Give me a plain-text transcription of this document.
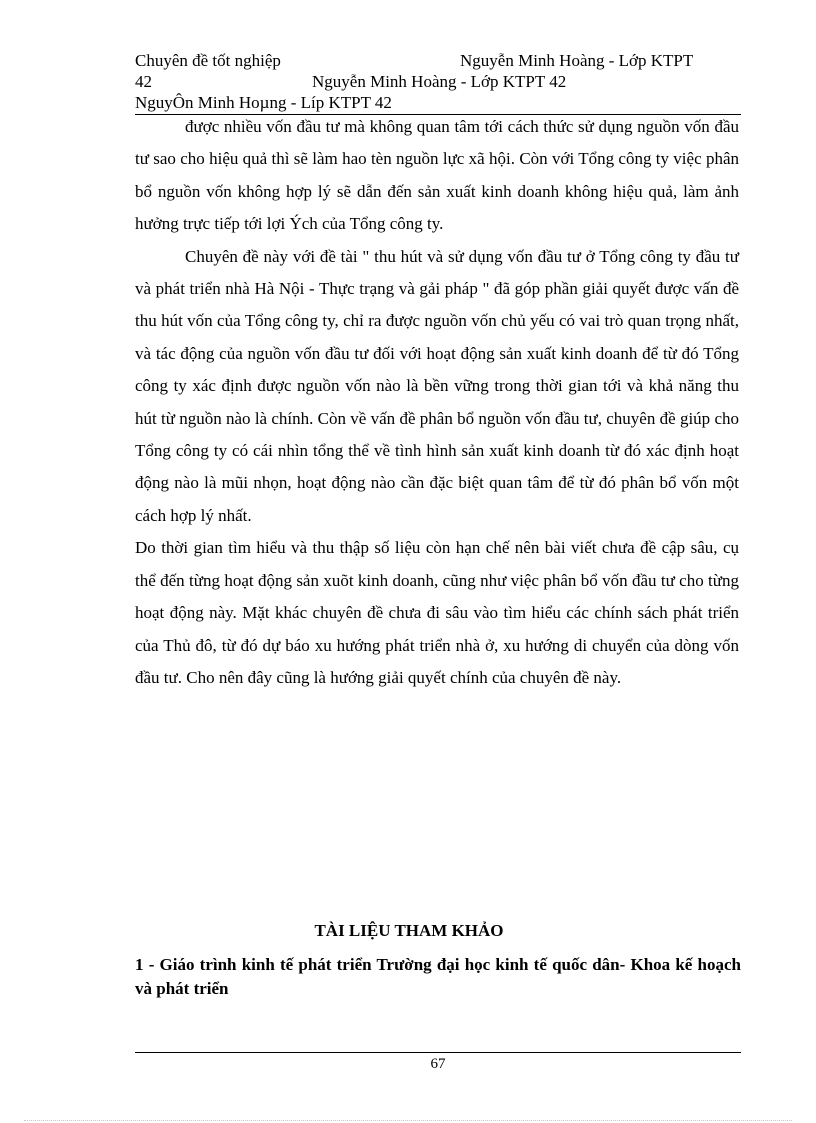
Chuyên đề tốt nghiệp	Nguyễn Minh Hoàng - Lớp KTPT
42	Nguyễn Minh Hoàng - Lớp KTPT 42
NguyÔn Minh Hoµng - Líp KTPT 42

được nhiều vốn đầu tư mà không quan tâm tới cách thức sử dụng nguồn vốn đầu tư sao cho hiệu quả thì sẽ làm hao tèn nguồn lực xã hội. Còn với Tổng công ty việc phân bổ nguồn vốn không hợp lý sẽ dẫn đến sản xuất kinh doanh không hiệu quả, làm ảnh hưởng trực tiếp tới lợi Ých của Tổng công ty.

Chuyên đề này với đề tài " thu hút và sử dụng vốn đầu tư ở Tổng công ty đầu tư và phát triển nhà Hà Nội - Thực trạng và gải pháp " đã góp phần giải quyết được vấn đề thu hút vốn của Tổng công ty, chỉ ra được nguồn vốn chủ yếu có vai trò quan trọng nhất, và tác động của nguồn vốn đầu tư đối với hoạt động sản xuất kinh doanh để từ đó Tổng công ty xác định được nguồn vốn nào là bền vững trong thời gian tới và khả năng thu hút từ nguồn nào là chính. Còn về vấn đề phân bổ nguồn vốn đầu tư, chuyên đề giúp cho Tổng công ty có cái nhìn tổng thể về tình hình sản xuất kinh doanh từ đó xác định hoạt động nào là mũi nhọn, hoạt động nào cần đặc biệt quan tâm để từ đó phân bổ vốn một cách hợp lý nhất.

Do thời gian tìm hiểu và thu thập số liệu còn hạn chế nên bài viết chưa đề cập sâu, cụ thể đến từng hoạt động sản xuõt kinh doanh, cũng như việc phân bổ vốn đầu tư cho từng hoạt động này. Mặt khác chuyên đề chưa đi sâu vào tìm hiểu các chính sách phát triển của Thủ đô, từ đó dự báo xu hướng phát triển nhà ở, xu hướng di chuyển của dòng vốn đầu tư. Cho nên đây cũng là hướng giải quyết chính của chuyên đề này.

TÀI LIỆU THAM KHẢO
1 - Giáo trình kinh tế phát triển Trường đại học kinh tế quốc dân- Khoa kế hoạch và phát triển
67
